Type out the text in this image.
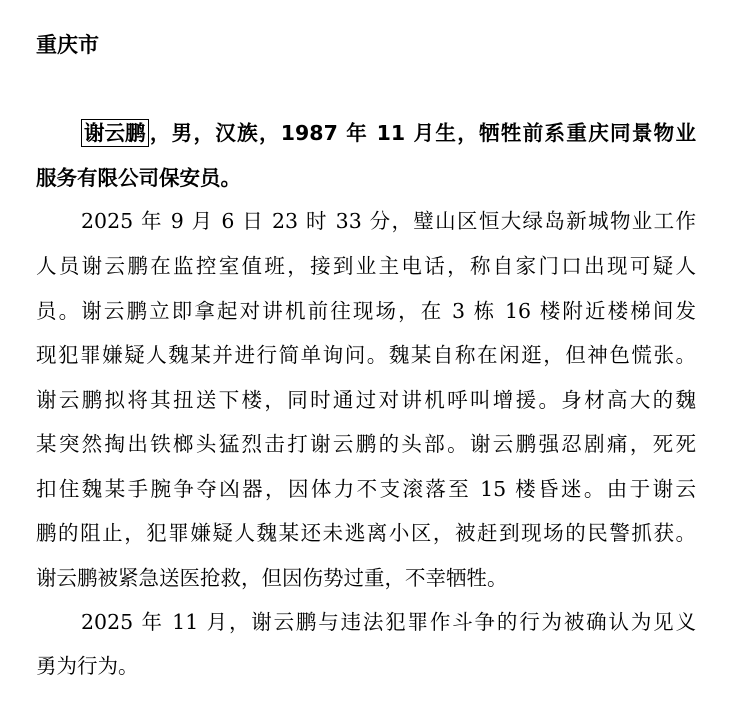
重庆市
谢云鹏 ，男，汉族，1987 年 11 月生，牺牲前系重庆同景物业
服务有限公司保安员。
2025 年 9 月 6 日 23 时 33 分，璧山区恒大绿岛新城物业工作
人员谢云鹏在监控室值班，接到业主电话，称自家门口出现可疑人
员。谢云鹏立即拿起对讲机前往现场，在 3 栋 16 楼附近楼梯间发
现犯罪嫌疑人魏某并进行简单询问。魏某自称在闲逛，但神色慌张。
谢云鹏拟将其扭送下楼，同时通过对讲机呼叫增援。身材高大的魏
某突然掏出铁榔头猛烈击打谢云鹏的头部。谢云鹏强忍剧痛，死死
扣住魏某手腕争夺凶器，因体力不支滚落至 15 楼昏迷。由于谢云
鹏的阻止，犯罪嫌疑人魏某还未逃离小区，被赶到现场的民警抓获。
谢云鹏被紧急送医抢救，但因伤势过重，不幸牺牲。
2025 年 11 月，谢云鹏与违法犯罪作斗争的行为被确认为见义
勇为行为。
